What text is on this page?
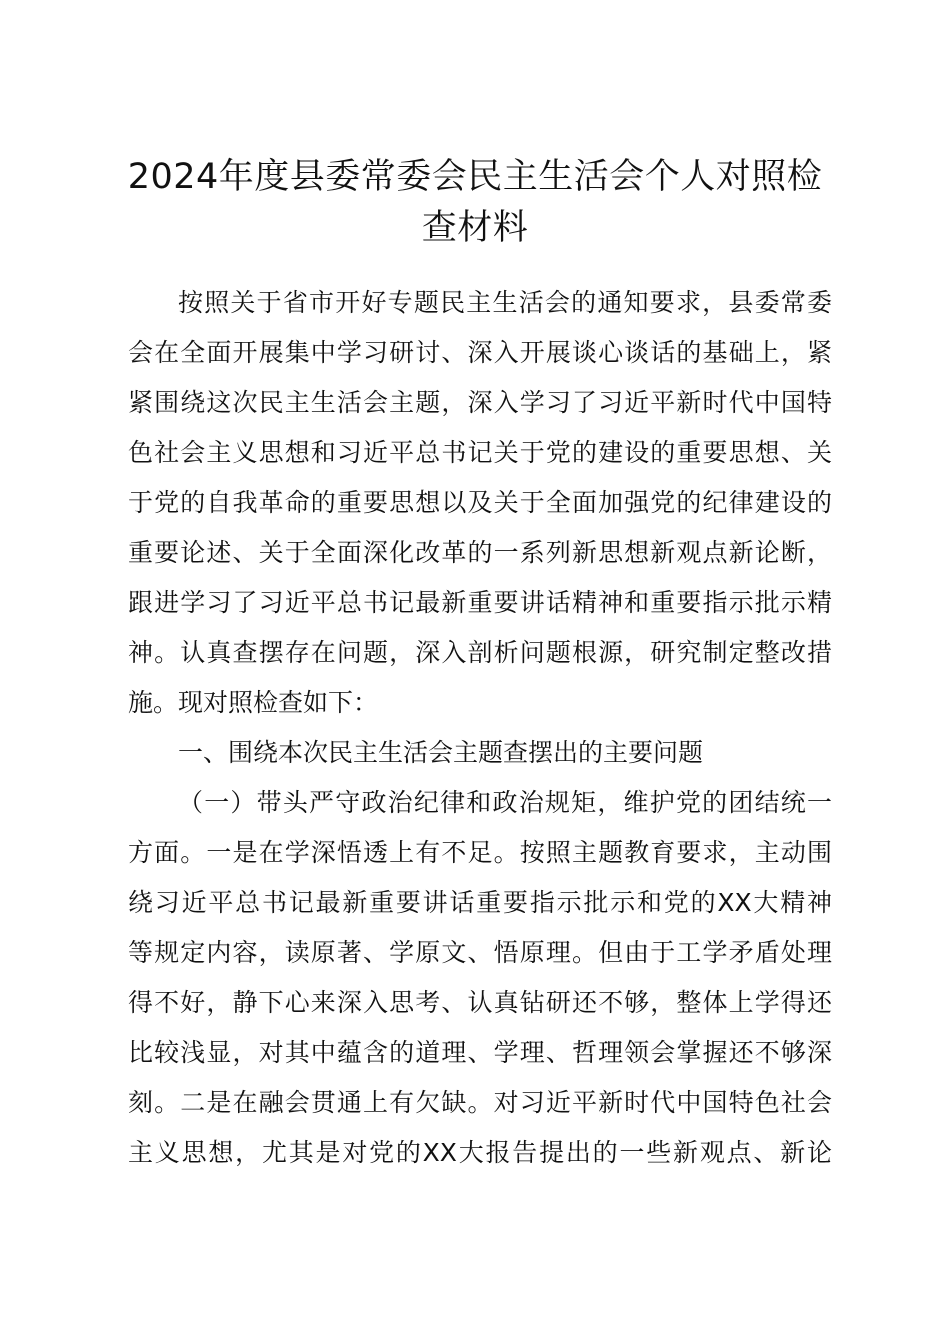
2024年度县委常委会民主生活会个人对照检
查材料
按照关于省市开好专题民主生活会的通知要求，县委常委
会在全面开展集中学习研讨、深入开展谈心谈话的基础上，紧
紧围绕这次民主生活会主题，深入学习了习近平新时代中国特
色社会主义思想和习近平总书记关于党的建设的重要思想、关
于党的自我革命的重要思想以及关于全面加强党的纪律建设的
重要论述、关于全面深化改革的一系列新思想新观点新论断，
跟进学习了习近平总书记最新重要讲话精神和重要指示批示精
神。认真查摆存在问题，深入剖析问题根源，研究制定整改措
施。现对照检查如下：
一、围绕本次民主生活会主题查摆出的主要问题
（一）带头严守政治纪律和政治规矩，维护党的团结统一
方面。一是在学深悟透上有不足。按照主题教育要求，主动围
绕习近平总书记最新重要讲话重要指示批示和党的XX大精神
等规定内容，读原著、学原文、悟原理。但由于工学矛盾处理
得不好，静下心来深入思考、认真钻研还不够，整体上学得还
比较浅显，对其中蕴含的道理、学理、哲理领会掌握还不够深
刻。二是在融会贯通上有欠缺。对习近平新时代中国特色社会
主义思想，尤其是对党的XX大报告提出的一些新观点、新论
